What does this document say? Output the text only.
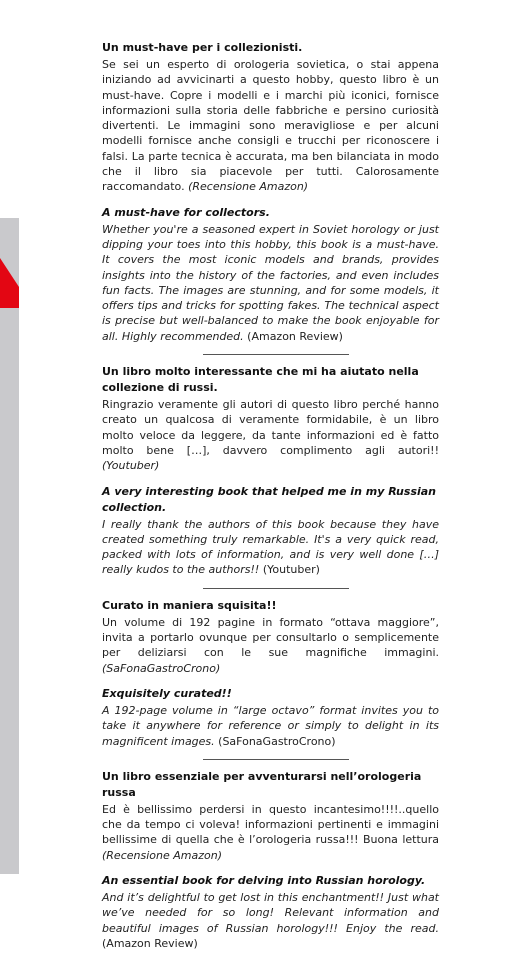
Un must-have per i collezionisti.

Se sei un esperto di orologeria sovietica, o stai appena iniziando ad avvicinarti a questo hobby, questo libro è un must-have. Copre i modelli e i marchi più iconici, fornisce informazioni sulla storia delle fabbriche e persino curiosità divertenti. Le immagini sono meravigliose e per alcuni modelli fornisce anche consigli e trucchi per riconoscere i falsi. La parte tecnica è accurata, ma ben bilanciata in modo che il libro sia piacevole per tutti. Calorosamente raccomandato. (Recensione Amazon)

A must-have for collectors.

Whether you're a seasoned expert in Soviet horology or just dipping your toes into this hobby, this book is a must-have. It covers the most iconic models and brands, provides insights into the history of the factories, and even includes fun facts. The images are stunning, and for some models, it offers tips and tricks for spotting fakes. The technical aspect is precise but well-balanced to make the book enjoyable for all. Highly recommended. (Amazon Review)

Un libro molto interessante che mi ha aiutato nella collezione di russi.

Ringrazio veramente gli autori di questo libro perché hanno creato un qualcosa di veramente formidabile, è un libro molto veloce da leggere, da tante informazioni ed è fatto molto bene […], davvero complimento agli autori!! (Youtuber)

A very interesting book that helped me in my Russian collection.

I really thank the authors of this book because they have created something truly remarkable. It's a very quick read, packed with lots of information, and is very well done […] really kudos to the authors!! (Youtuber)

Curato in maniera squisita!!

Un volume di 192 pagine in formato “ottava maggiore”, invita a portarlo ovunque per consultarlo o semplicemente per deliziarsi con le sue magnifiche immagini. (SaFonaGastroCrono)

Exquisitely curated!!

A 192-page volume in “large octavo” format invites you to take it anywhere for reference or simply to delight in its magnificent images. (SaFonaGastroCrono)

Un libro essenziale per avventurarsi nell’orologeria russa

Ed è bellissimo perdersi in questo incantesimo!!!!..quello che da tempo ci voleva! informazioni pertinenti e immagini bellissime di quella che è l’orologeria russa!!! Buona lettura (Recensione Amazon)

An essential book for delving into Russian horology.

And it’s delightful to get lost in this enchantment!! Just what we’ve needed for so long! Relevant information and beautiful images of Russian horology!!! Enjoy the read. (Amazon Review)
